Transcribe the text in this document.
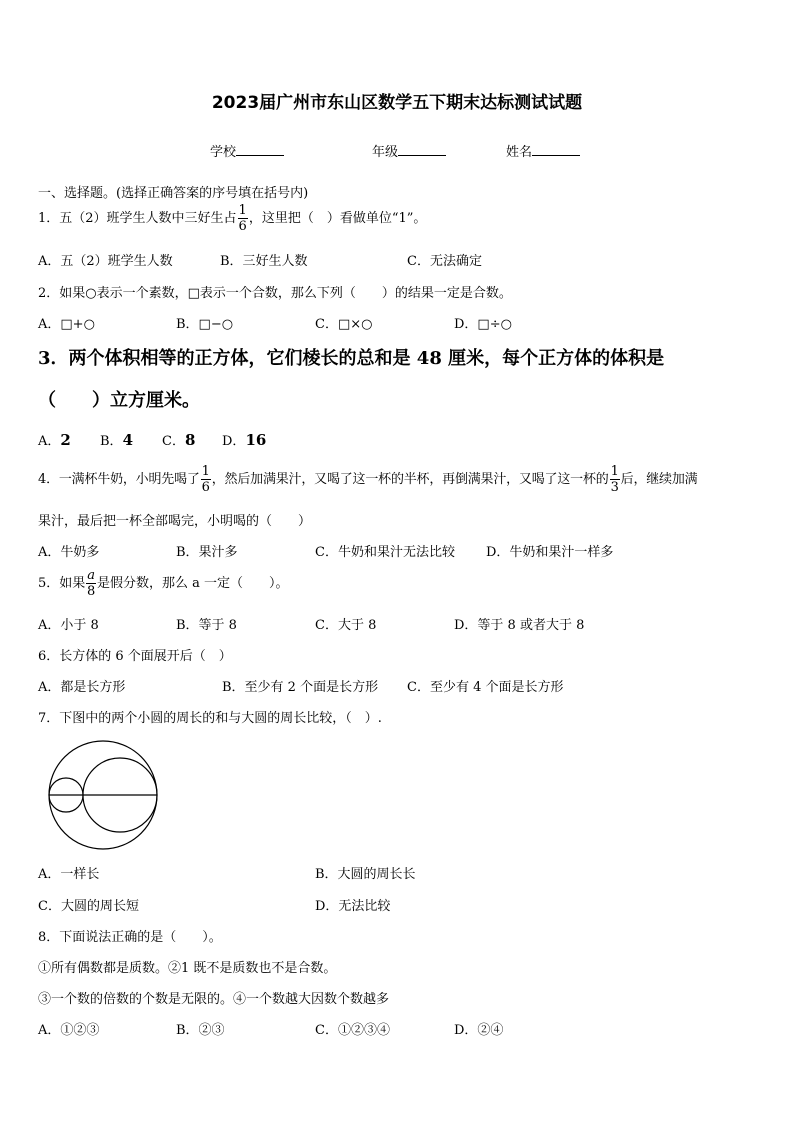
2023届广州市东山区数学五下期末达标测试试题
学校	年级	姓名
一、选择题。(选择正确答案的序号填在括号内)
1．五（2）班学生人数中三好生占 $\frac{1}{6}$ ，这里把（　）看做单位“1”。
A．五（2）班学生人数	B．三好生人数	C．无法确定
2．如果○表示一个素数，□表示一个合数，那么下列（　　）的结果一定是合数。
A．□+○	B．□−○	C．□×○	D．□÷○
3．两个体积相等的正方体，它们棱长的总和是 48 厘米，每个正方体的体积是
（　　）立方厘米。
A．2 B．4 C．8 D．16
4．一满杯牛奶，小明先喝了 $\frac{1}{6}$ ，然后加满果汁，又喝了这一杯的半杯，再倒满果汁，又喝了这一杯的 $\frac{1}{3}$ 后，继续加满
果汁，最后把一杯全部喝完，小明喝的（　　）
A．牛奶多	B．果汁多	C．牛奶和果汁无法比较 D．牛奶和果汁一样多
5．如果 $\frac{a}{8}$ 是假分数，那么 a 一定（　　）。
A．小于 8	B．等于 8	C．大于 8	D．等于 8 或者大于 8
6．长方体的 6 个面展开后（　）
A．都是长方形	B．至少有 2 个面是长方形 C．至少有 4 个面是长方形
7．下图中的两个小圆的周长的和与大圆的周长比较，（　）.
A．一样长	B．大圆的周长长
C．大圆的周长短	D．无法比较
8．下面说法正确的是（　　）。
①所有偶数都是质数。②1 既不是质数也不是合数。
③一个数的倍数的个数是无限的。④一个数越大因数个数越多
A．①②③	B．②③	C．①②③④	D．②④
